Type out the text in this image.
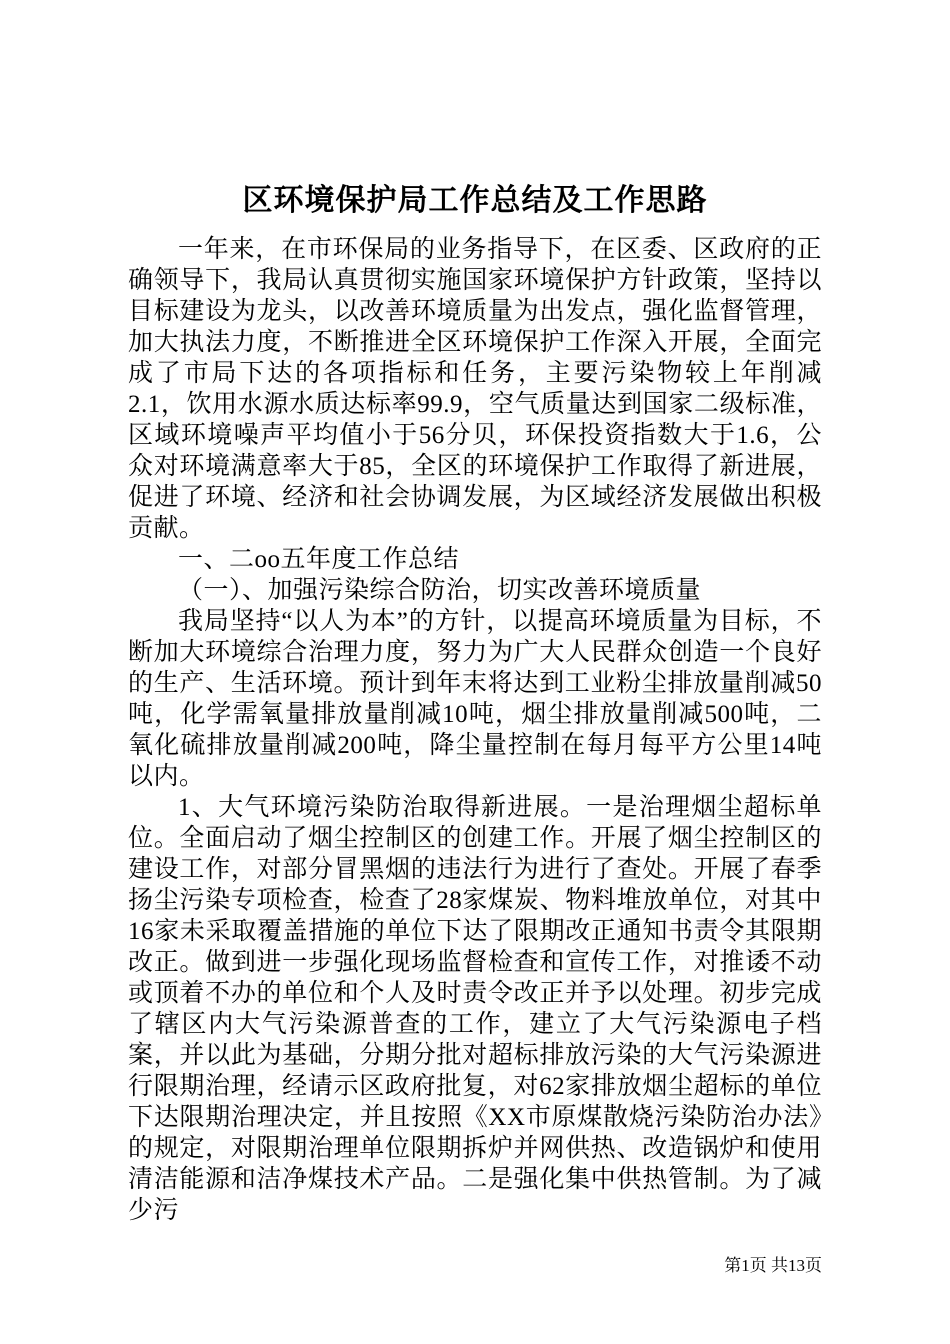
区环境保护局工作总结及工作思路

一年来，在市环保局的业务指导下，在区委、区政府的正确领导下，我局认真贯彻实施国家环境保护方针政策，坚持以目标建设为龙头，以改善环境质量为出发点，强化监督管理，加大执法力度，不断推进全区环境保护工作深入开展，全面完成了市局下达的各项指标和任务，主要污染物较上年削减2.1，饮用水源水质达标率99.9，空气质量达到国家二级标准，区域环境噪声平均值小于56分贝，环保投资指数大于1.6，公众对环境满意率大于85，全区的环境保护工作取得了新进展，促进了环境、经济和社会协调发展，为区域经济发展做出积极贡献。

一、二oo五年度工作总结

（一）、加强污染综合防治，切实改善环境质量

我局坚持“以人为本”的方针，以提高环境质量为目标，不断加大环境综合治理力度，努力为广大人民群众创造一个良好的生产、生活环境。预计到年末将达到工业粉尘排放量削减50吨，化学需氧量排放量削减10吨，烟尘排放量削减500吨，二氧化硫排放量削减200吨，降尘量控制在每月每平方公里14吨以内。

1、大气环境污染防治取得新进展。一是治理烟尘超标单位。全面启动了烟尘控制区的创建工作。开展了烟尘控制区的建设工作，对部分冒黑烟的违法行为进行了查处。开展了春季扬尘污染专项检查，检查了28家煤炭、物料堆放单位，对其中16家未采取覆盖措施的单位下达了限期改正通知书责令其限期改正。做到进一步强化现场监督检查和宣传工作，对推诿不动或顶着不办的单位和个人及时责令改正并予以处理。初步完成了辖区内大气污染源普查的工作，建立了大气污染源电子档案，并以此为基础，分期分批对超标排放污染的大气污染源进行限期治理，经请示区政府批复，对62家排放烟尘超标的单位下达限期治理决定，并且按照《XX市原煤散烧污染防治办法》的规定，对限期治理单位限期拆炉并网供热、改造锅炉和使用清洁能源和洁净煤技术产品。二是强化集中供热管制。为了减少污

第1页 共13页
